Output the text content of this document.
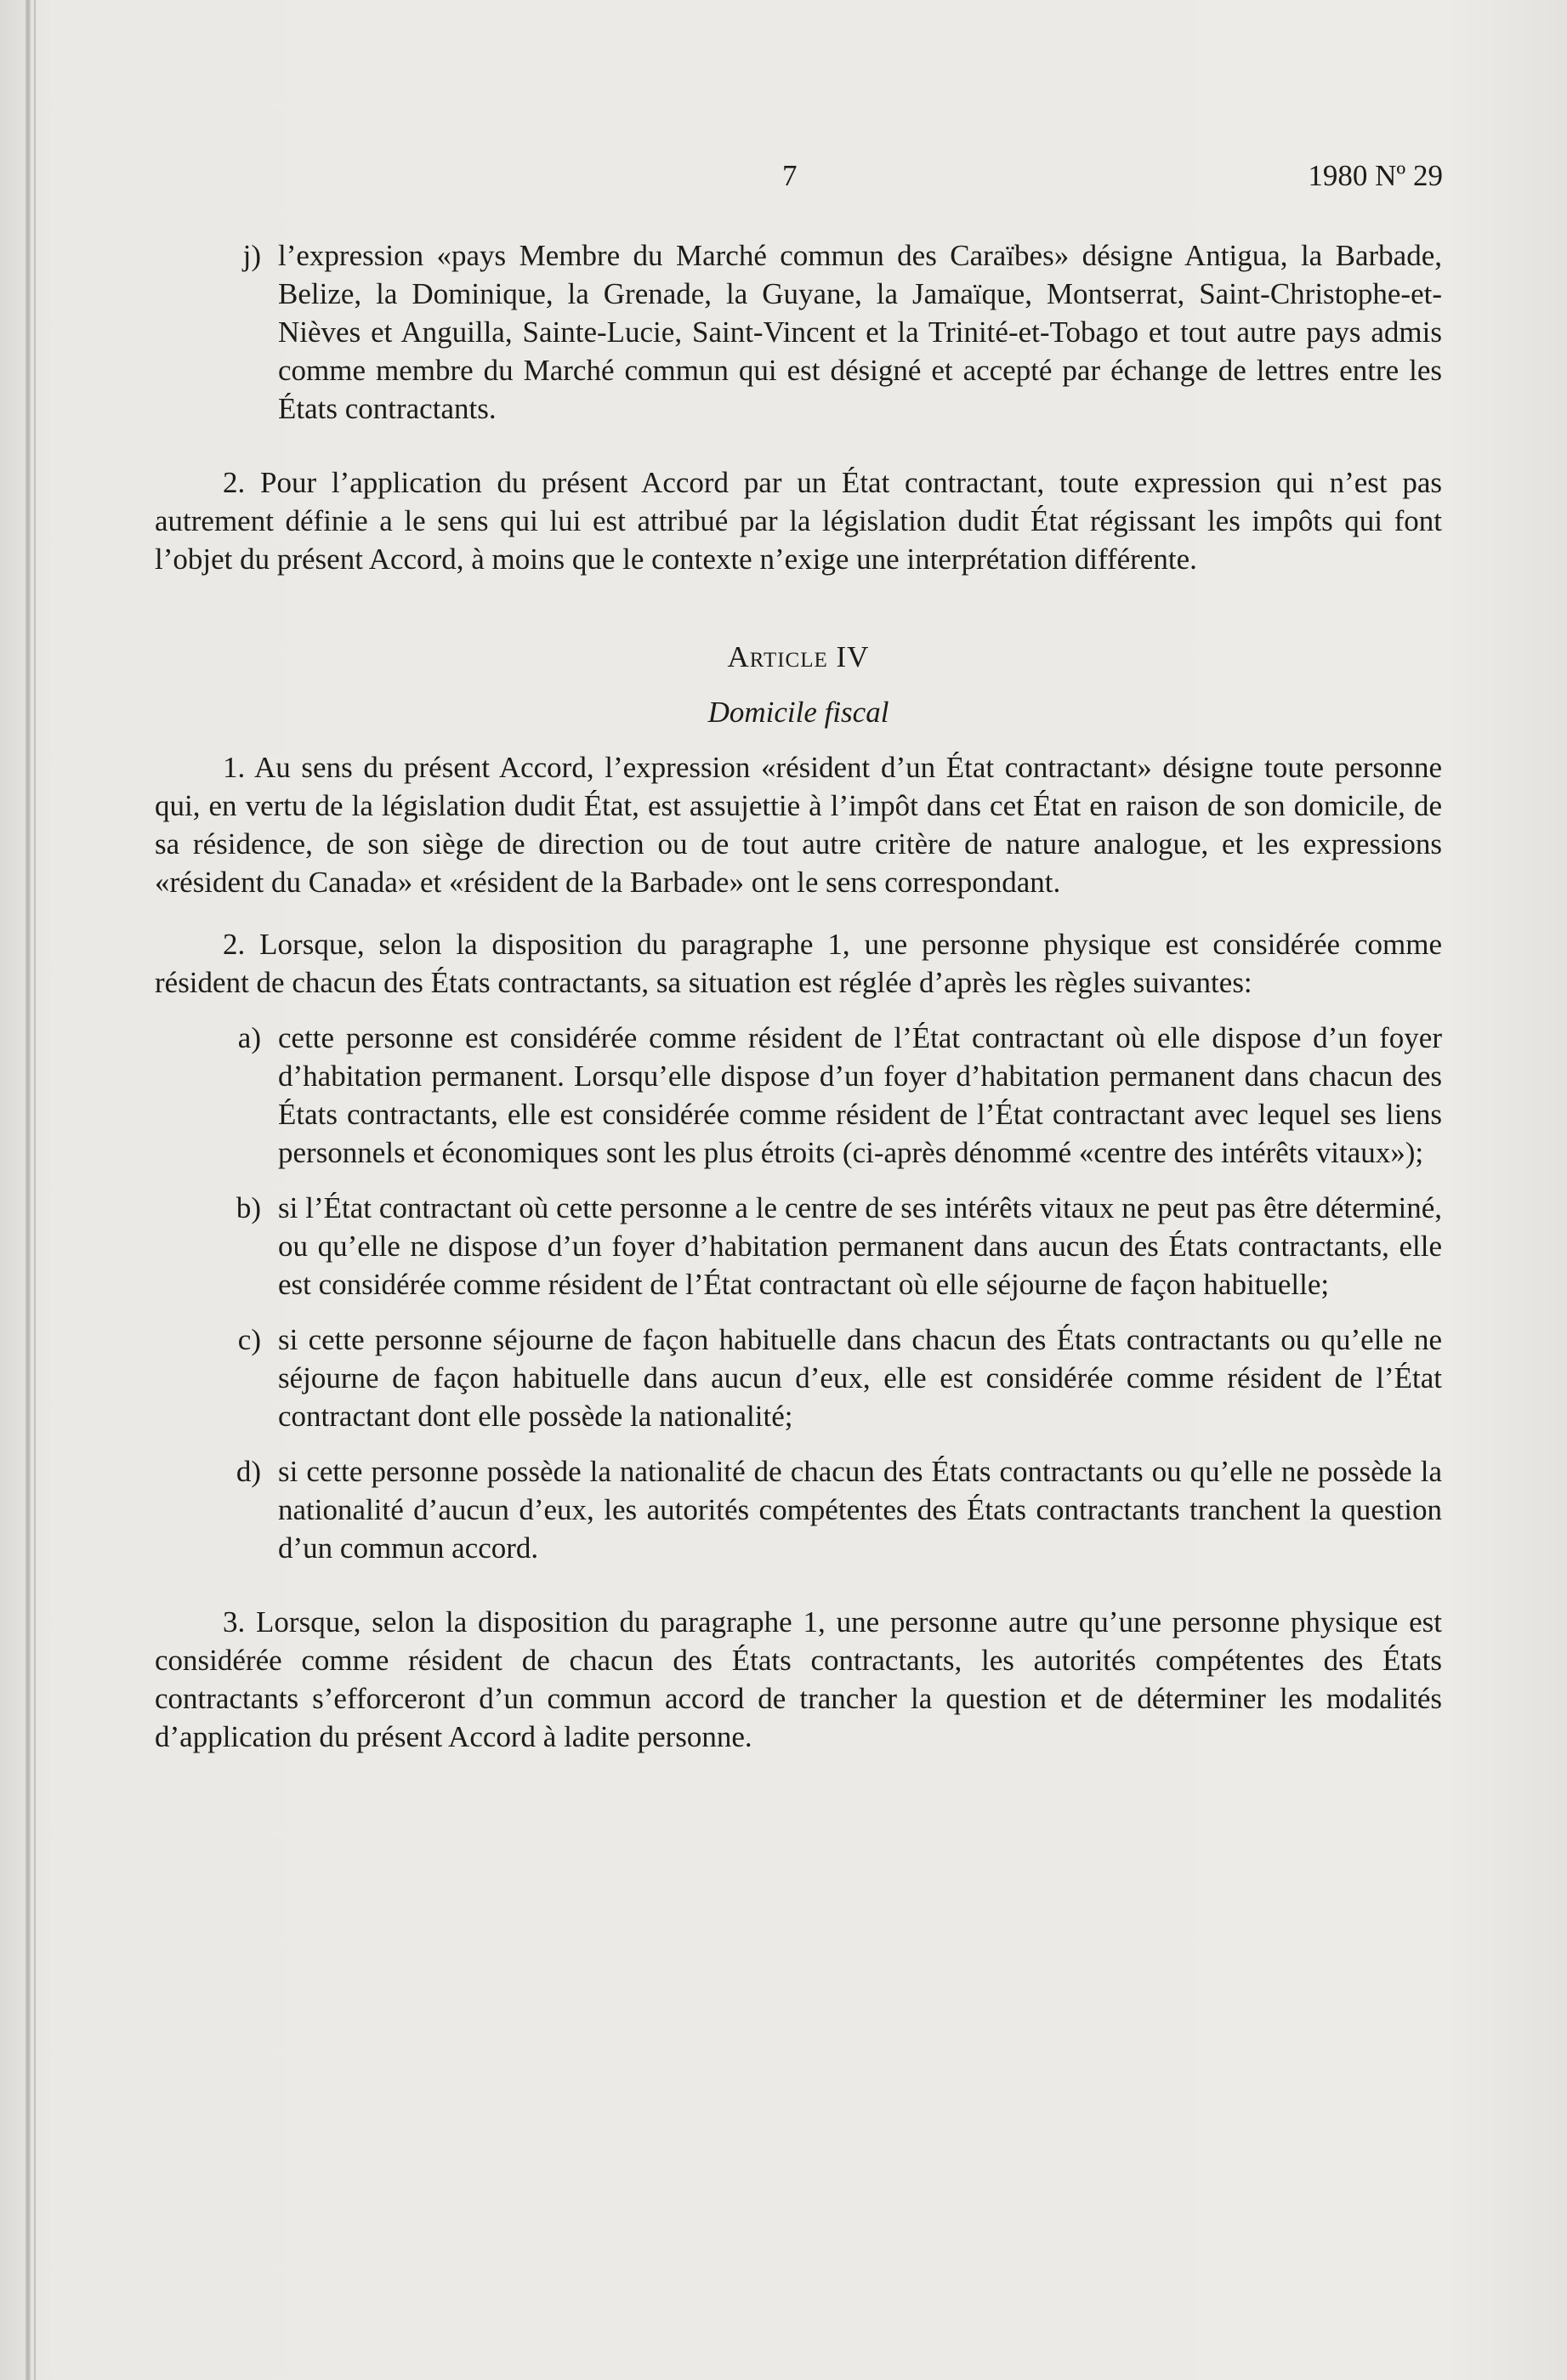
7	1980 Nº 29
j) l’expression «pays Membre du Marché commun des Caraïbes» désigne Antigua, la Barbade, Belize, la Dominique, la Grenade, la Guyane, la Jamaïque, Montserrat, Saint-Christophe-et-Nièves et Anguilla, Sainte-Lucie, Saint-Vincent et la Trinité-et-Tobago et tout autre pays admis comme membre du Marché commun qui est désigné et accepté par échange de lettres entre les États contractants.

2. Pour l’application du présent Accord par un État contractant, toute expression qui n’est pas autrement définie a le sens qui lui est attribué par la législation dudit État régissant les impôts qui font l’objet du présent Accord, à moins que le contexte n’exige une interprétation différente.

Article IV
Domicile fiscal

1. Au sens du présent Accord, l’expression «résident d’un État contractant» désigne toute personne qui, en vertu de la législation dudit État, est assujettie à l’impôt dans cet État en raison de son domicile, de sa résidence, de son siège de direction ou de tout autre critère de nature analogue, et les expressions «résident du Canada» et «résident de la Barbade» ont le sens correspondant.

2. Lorsque, selon la disposition du paragraphe 1, une personne physique est considérée comme résident de chacun des États contractants, sa situation est réglée d’après les règles suivantes:

a) cette personne est considérée comme résident de l’État contractant où elle dispose d’un foyer d’habitation permanent. Lorsqu’elle dispose d’un foyer d’habitation permanent dans chacun des États contractants, elle est considérée comme résident de l’État contractant avec lequel ses liens personnels et économiques sont les plus étroits (ci-après dénommé «centre des intérêts vitaux»);
b) si l’État contractant où cette personne a le centre de ses intérêts vitaux ne peut pas être déterminé, ou qu’elle ne dispose d’un foyer d’habitation permanent dans aucun des États contractants, elle est considérée comme résident de l’État contractant où elle séjourne de façon habituelle;
c) si cette personne séjourne de façon habituelle dans chacun des États contractants ou qu’elle ne séjourne de façon habituelle dans aucun d’eux, elle est considérée comme résident de l’État contractant dont elle possède la nationalité;
d) si cette personne possède la nationalité de chacun des États contractants ou qu’elle ne possède la nationalité d’aucun d’eux, les autorités compétentes des États contractants tranchent la question d’un commun accord.

3. Lorsque, selon la disposition du paragraphe 1, une personne autre qu’une personne physique est considérée comme résident de chacun des États contractants, les autorités compétentes des États contractants s’efforceront d’un commun accord de trancher la question et de déterminer les modalités d’application du présent Accord à ladite personne.
